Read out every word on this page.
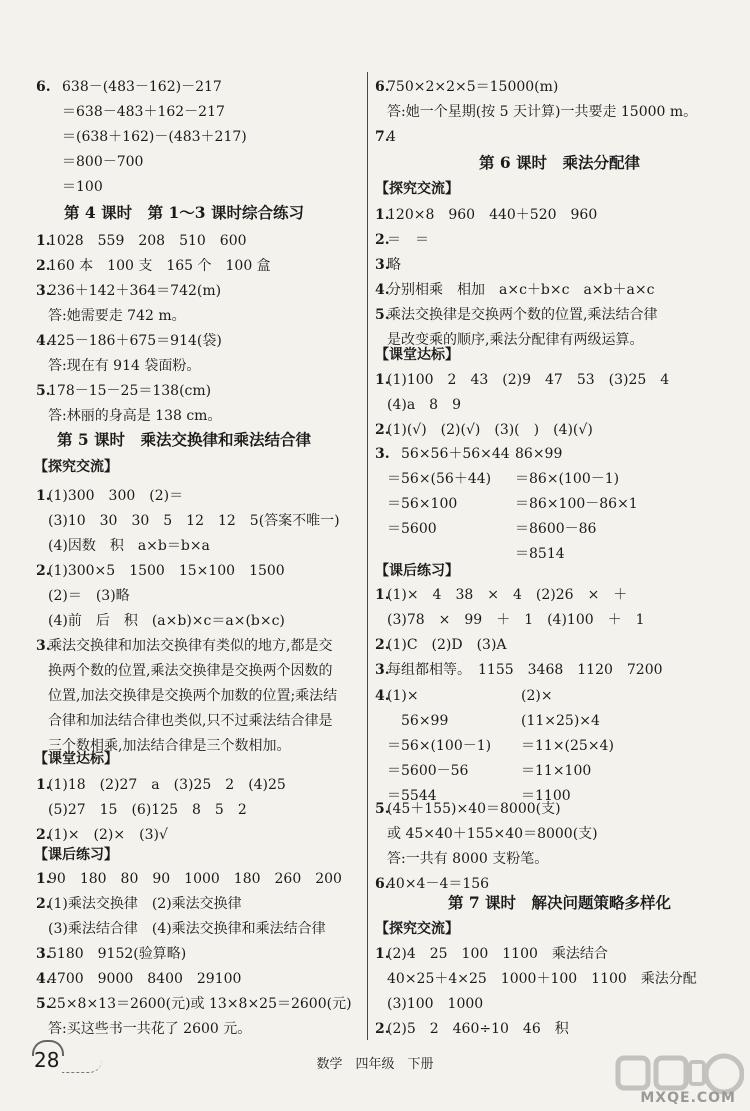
6. 638－(483－162)－217
＝638－483＋162－217
＝(638＋162)－(483＋217)
＝800－700
＝100
第 4 课时　第 1～3 课时综合练习
1.
1028　559　208　510　600
2.
160 本　100 支　165 个　100 盒
3.
236＋142＋364＝742(m)
答:她需要走 742 m。
4.
425－186＋675＝914(袋)
答:现在有 914 袋面粉。
5.
178－15－25＝138(cm)
答:林丽的身高是 138 cm。
第 5 课时　乘法交换律和乘法结合律
【探究交流】
1.
(1)300　300　(2)＝
(3)10　30　30　5　12　12　5(答案不唯一)
(4)因数　积　a×b＝b×a
2.
(1)300×5　1500　15×100　1500
(2)＝　(3)略
(4)前　后　积　(a×b)×c＝a×(b×c)
3.
乘法交换律和加法交换律有类似的地方,都是交
换两个数的位置,乘法交换律是交换两个因数的
位置,加法交换律是交换两个加数的位置;乘法结
合律和加法结合律也类似,只不过乘法结合律是
三个数相乘,加法结合律是三个数相加。
【课堂达标】
1.
(1)18　(2)27　a　(3)25　2　(4)25
(5)27　15　(6)125　8　5　2
2.
(1)×　(2)×　(3)√
【课后练习】
1.
90　180　80　90　1000　180　260　200
2.
(1)乘法交换律　(2)乘法交换律
(3)乘法结合律　(4)乘法交换律和乘法结合律
3.
5180　9152(验算略)
4.
4700　9000　8400　29100
5.
25×8×13＝2600(元)或 13×8×25＝2600(元)
答:买这些书一共花了 2600 元。
6.
750×2×2×5＝15000(m)
答:她一个星期(按 5 天计算)一共要走 15000 m。
7.
4
第 6 课时　乘法分配律
【探究交流】
1.
120×8　960　440＋520　960
2.
＝　＝
3.
略
4.
分别相乘　相加　a×c＋b×c　a×b＋a×c
5.
乘法交换律是交换两个数的位置,乘法结合律
是改变乘的顺序,乘法分配律有两级运算。
【课堂达标】
1.
(1)100　2　43　(2)9　47　53　(3)25　4
(4)a　8　9
2.
(1)(√)　(2)(√)　(3)(　)　(4)(√)
3.
　56×56＋56×44
＝56×(56＋44)
＝56×100
＝5600
86×99
＝86×(100－1)
＝86×100－86×1
＝8600－86
＝8514
【课后练习】
1.
(1)×　4　38　×　4　(2)26　×　＋
(3)78　×　99　＋　1　(4)100　＋　1
2.
(1)C　(2)D　(3)A
3.
每组都相等。　1155　3468　1120　7200
4.
(1)×
　56×99
＝56×(100－1)
＝5600－56
＝5544
(2)×
(11×25)×4
＝11×(25×4)
＝11×100
＝1100
5.
(45＋155)×40＝8000(支)
或 45×40＋155×40＝8000(支)
答:一共有 8000 支粉笔。
6.
40×4－4＝156
第 7 课时　解决问题策略多样化
【探究交流】
1.
(2)4　25　100　1100　乘法结合
40×25＋4×25　1000＋100　1100　乘法分配
(3)100　1000
2.
(2)5　2　460÷10　46　积
28	数学　四年级　下册
MXQE.COM
